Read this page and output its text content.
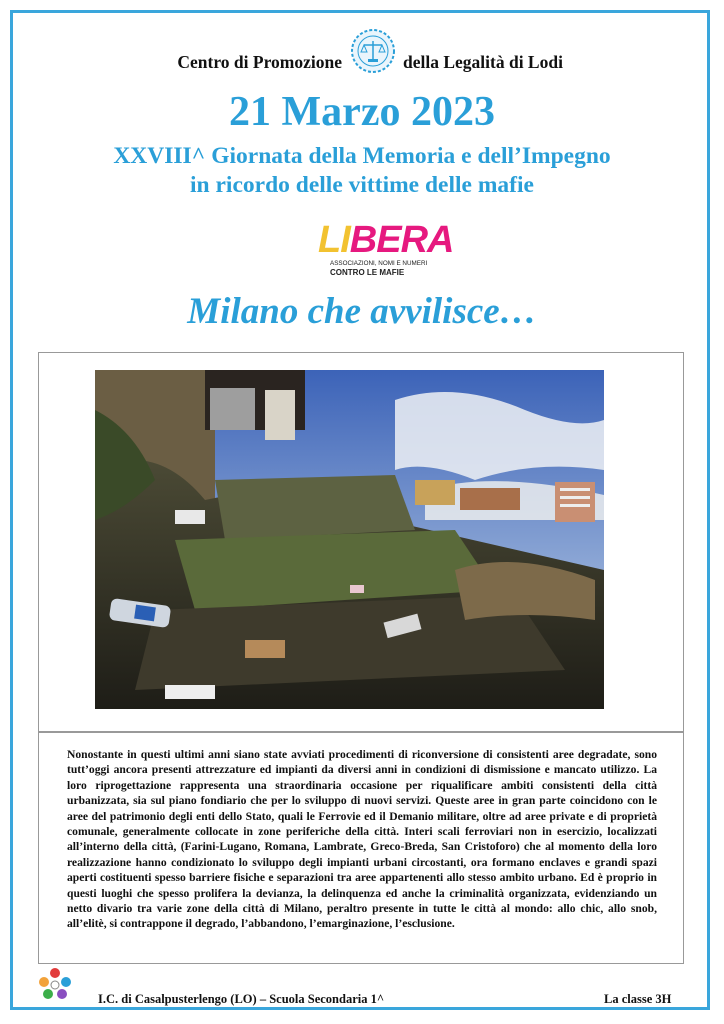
Centro di Promozione	della Legalità di Lodi
21 Marzo 2023
XXVIII^ Giornata della Memoria e dell’Impegno
in ricordo delle vittime delle mafie
LIBERA
ASSOCIAZIONI, NOMI E NUMERI
CONTRO LE MAFIE
Milano che avvilisce…

Nonostante in questi ultimi anni siano state avviati procedimenti di riconversione di consistenti aree degradate, sono tutt’oggi ancora presenti attrezzature ed impianti da diversi anni in condizioni di dismissione e mancato utilizzo. La loro riprogettazione rappresenta una straordinaria occasione per riqualificare ambiti consistenti della città urbanizzata, sia sul piano fondiario che per lo sviluppo di nuovi servizi. Queste aree in gran parte coincidono con le aree del patrimonio degli enti dello Stato, quali le Ferrovie ed il Demanio militare, oltre ad aree private e di proprietà comunale, generalmente collocate in zone periferiche della città. Interi scali ferroviari non in esercizio, localizzati all’interno della città, (Farini-Lugano, Romana, Lambrate, Greco-Breda, San Cristoforo) che al momento della loro realizzazione hanno condizionato lo sviluppo degli impianti urbani circostanti, ora formano enclaves e grandi spazi aperti costituenti spesso barriere fisiche e separazioni tra aree appartenenti allo stesso ambito urbano. Ed è proprio in questi luoghi che spesso prolifera la devianza, la delinquenza ed anche la criminalità organizzata, evidenziando un netto divario tra varie zone della città di Milano, peraltro presente in tutte le città al mondo: allo chic, allo snob, all’elitè, si contrappone il degrado, l’abbandono, l’emarginazione, l’esclusione.

I.C. di Casalpusterlengo (LO) – Scuola Secondaria 1^	La classe 3H
